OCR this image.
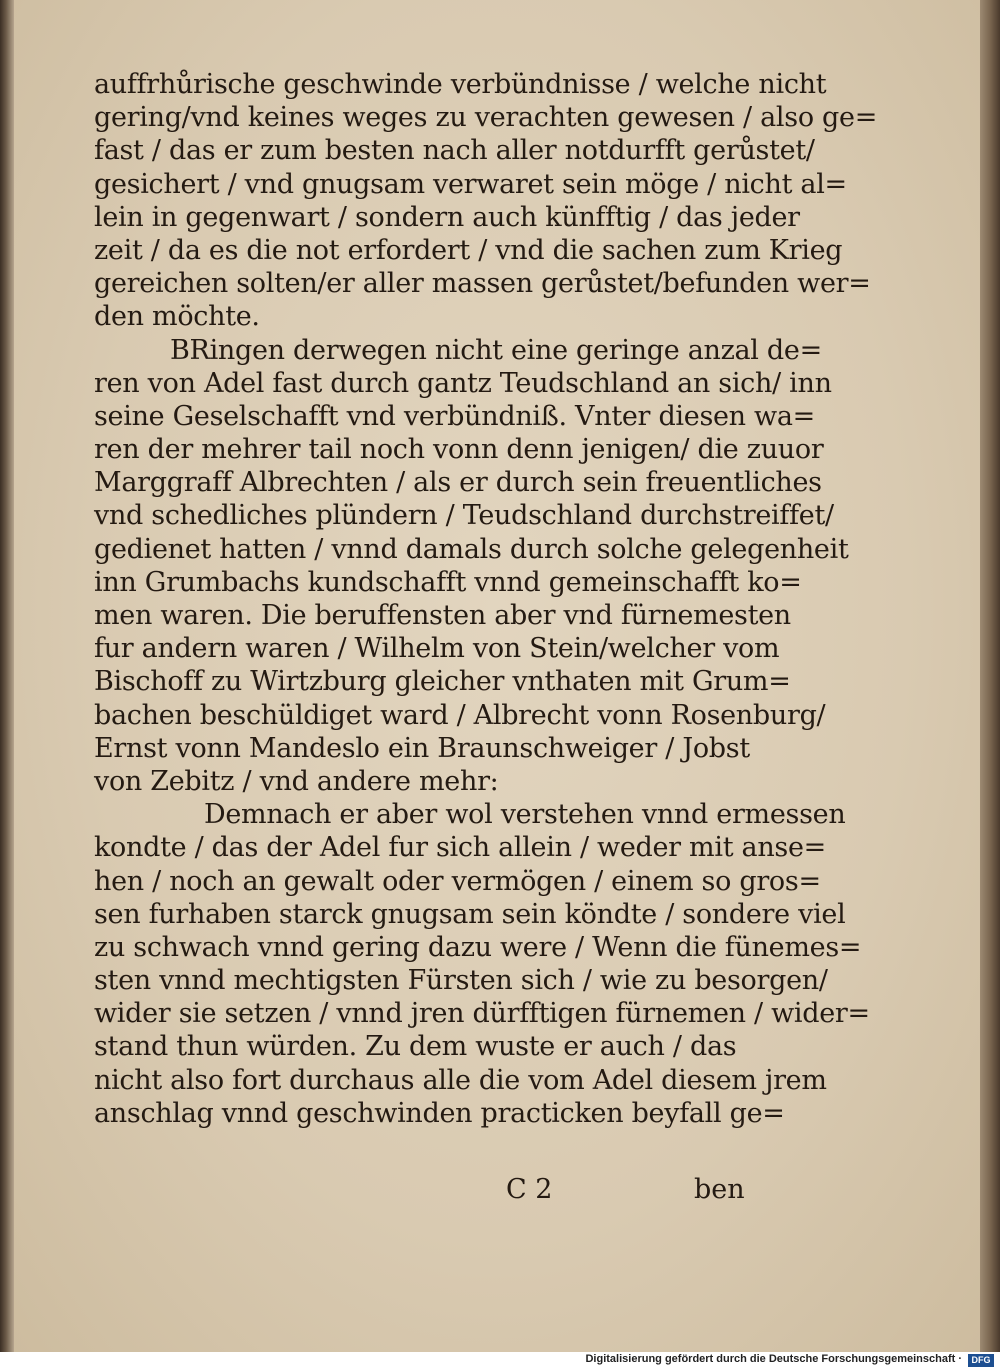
auffrhůrische geschwinde verbündnisse / welche nicht
gering/vnd keines weges zu verachten gewesen / also ge=
fast / das er zum besten nach aller notdurfft gerůstet/
gesichert / vnd gnugsam verwaret sein möge / nicht al=
lein in gegenwart / sondern auch künfftig / das jeder
zeit / da es die not erfordert / vnd die sachen zum Krieg
gereichen solten/er aller massen gerůstet/befunden wer=
den möchte.
BRingen derwegen nicht eine geringe anzal de=
ren von Adel fast durch gantz Teudschland an sich/ inn
seine Geselschafft vnd verbündniß. Vnter diesen wa=
ren der mehrer tail noch vonn denn jenigen/ die zuuor
Marggraff Albrechten / als er durch sein freuentliches
vnd schedliches plündern / Teudschland durchstreiffet/
gedienet hatten / vnnd damals durch solche gelegenheit
inn Grumbachs kundschafft vnnd gemeinschafft ko=
men waren. Die beruffensten aber vnd fürnemesten
fur andern waren / Wilhelm von Stein/welcher vom
Bischoff zu Wirtzburg gleicher vnthaten mit Grum=
bachen beschüldiget ward / Albrecht vonn Rosenburg/
Ernst vonn Mandeslo ein Braunschweiger / Jobst
von Zebitz / vnd andere mehr:
Demnach er aber wol verstehen vnnd ermessen
kondte / das der Adel fur sich allein / weder mit anse=
hen / noch an gewalt oder vermögen / einem so gros=
sen furhaben starck gnugsam sein köndte / sondere viel
zu schwach vnnd gering dazu were / Wenn die fünemes=
sten vnnd mechtigsten Fürsten sich / wie zu besorgen/
wider sie setzen / vnnd jren dürfftigen fürnemen / wider=
stand thun würden. Zu dem wuste er auch / das
nicht also fort durchaus alle die vom Adel diesem jrem
anschlag vnnd geschwinden practicken beyfall ge=
C 2	ben
Digitalisierung gefördert durch die Deutsche Forschungsgemeinschaft ·	DFG
